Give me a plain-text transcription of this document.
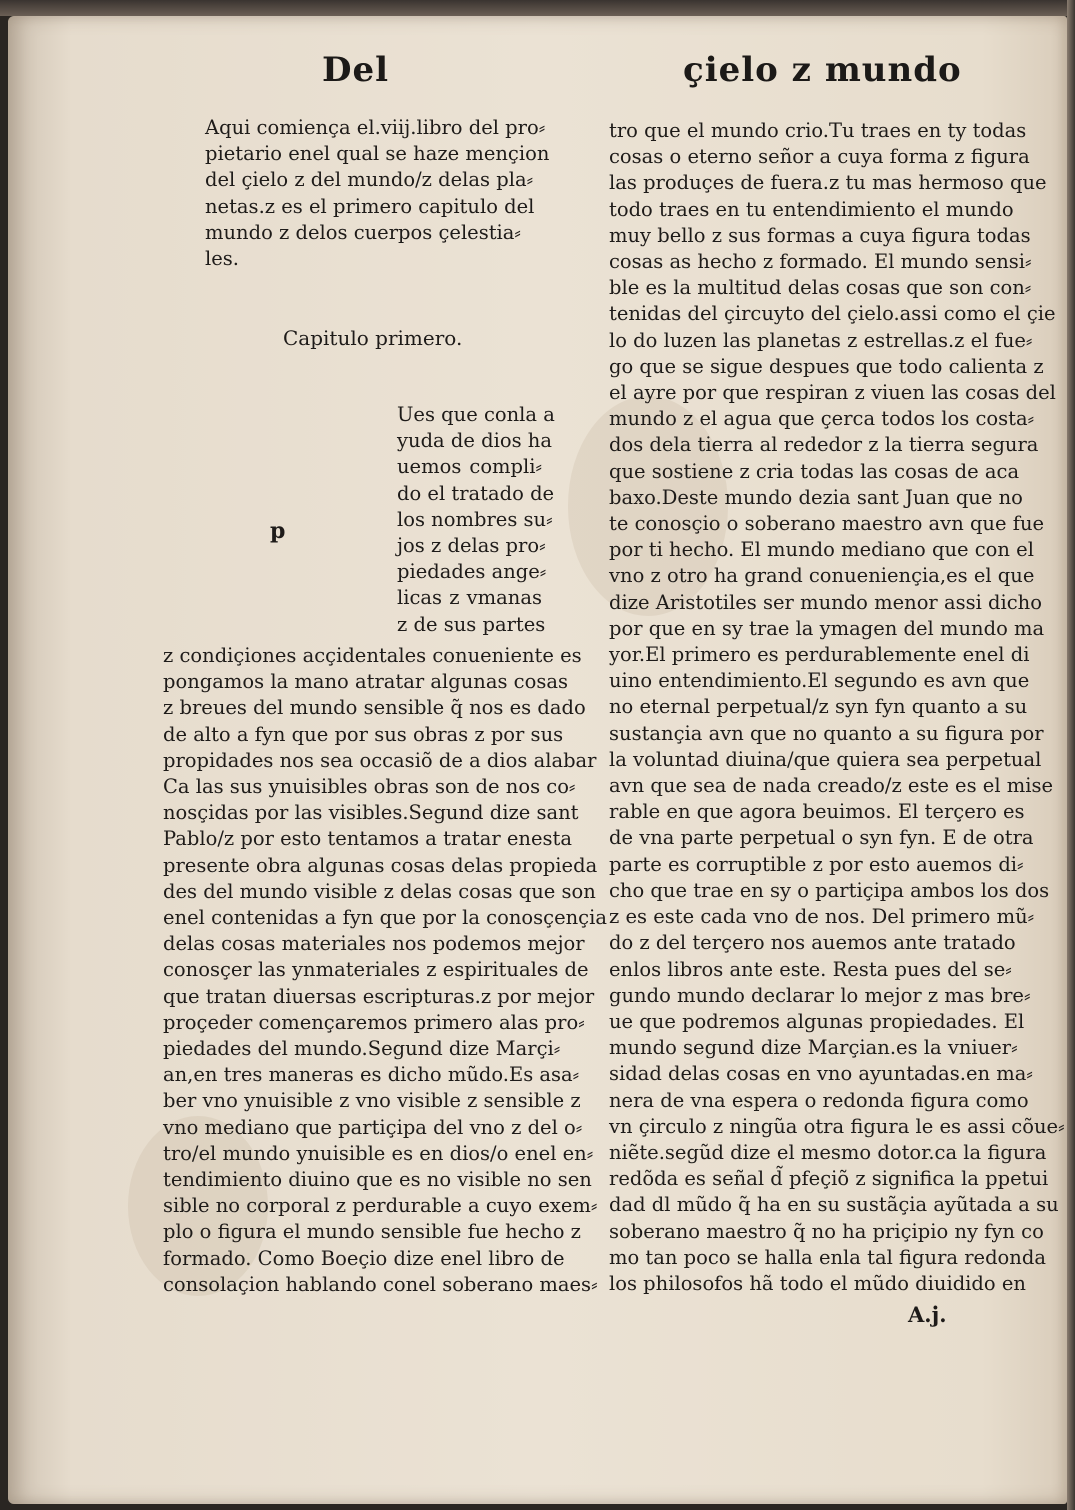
Del	çielo z mundo
Aqui comiença el.viij.libro del pro⸗
pietario enel qual se haze mençion
del çielo z del mundo/z delas pla⸗
netas.z es el primero capitulo del
mundo z delos cuerpos çelestia⸗
les.
Capitulo primero.
p
Ues que conla a
yuda de dios ha
uemos compli⸗
do el tratado de
los nombres su⸗
jos z delas pro⸗
piedades ange⸗
licas z vmanas
z de sus partes
z condiçiones acçidentales conueniente es
pongamos la mano atratar algunas cosas
z breues del mundo sensible q̃ nos es dado
de alto a fyn que por sus obras z por sus
propidades nos sea occasiõ de a dios alabar
Ca las sus ynuisibles obras son de nos co⸗
nosçidas por las visibles.Segund dize sant
Pablo/z por esto tentamos a tratar enesta
presente obra algunas cosas delas propieda
des del mundo visible z delas cosas que son
enel contenidas a fyn que por la conosçençia
delas cosas materiales nos podemos mejor
conosçer las ynmateriales z espirituales de
que tratan diuersas escripturas.z por mejor
proçeder començaremos primero alas pro⸗
piedades del mundo.Segund dize Marçi⸗
an,en tres maneras es dicho mũdo.Es asa⸗
ber vno ynuisible z vno visible z sensible z
vno mediano que partiçipa del vno z del o⸗
tro/el mundo ynuisible es en dios/o enel en⸗
tendimiento diuino que es no visible no sen
sible no corporal z perdurable a cuyo exem⸗
plo o figura el mundo sensible fue hecho z
formado. Como Boeçio dize enel libro de
consolaçion hablando conel soberano maes⸗
tro que el mundo crio.Tu traes en ty todas
cosas o eterno señor a cuya forma z figura
las produçes de fuera.z tu mas hermoso que
todo traes en tu entendimiento el mundo
muy bello z sus formas a cuya figura todas
cosas as hecho z formado. El mundo sensi⸗
ble es la multitud delas cosas que son con⸗
tenidas del çircuyto del çielo.assi como el çie
lo do luzen las planetas z estrellas.z el fue⸗
go que se sigue despues que todo calienta z
el ayre por que respiran z viuen las cosas del
mundo z el agua que çerca todos los costa⸗
dos dela tierra al rededor z la tierra segura
que sostiene z cria todas las cosas de aca
baxo.Deste mundo dezia sant Juan que no
te conosçio o soberano maestro avn que fue
por ti hecho. El mundo mediano que con el
vno z otro ha grand conueniençia,es el que
dize Aristotiles ser mundo menor assi dicho
por que en sy trae la ymagen del mundo ma
yor.El primero es perdurablemente enel di
uino entendimiento.El segundo es avn que
no eternal perpetual/z syn fyn quanto a su
sustançia avn que no quanto a su figura por
la voluntad diuina/que quiera sea perpetual
avn que sea de nada creado/z este es el mise
rable en que agora beuimos. El terçero es
de vna parte perpetual o syn fyn. E de otra
parte es corruptible z por esto auemos di⸗
cho que trae en sy o partiçipa ambos los dos
z es este cada vno de nos. Del primero mũ⸗
do z del terçero nos auemos ante tratado
enlos libros ante este. Resta pues del se⸗
gundo mundo declarar lo mejor z mas bre⸗
ue que podremos algunas propiedades. El
mundo segund dize Marçian.es la vniuer⸗
sidad delas cosas en vno ayuntadas.en ma⸗
nera de vna espera o redonda figura como
vn çirculo z ningũa otra figura le es assi cõue⸗
niẽte.segũd dize el mesmo dotor.ca la figura
redõda es señal d̃ pfeçiõ z significa la ppetui
dad dl mũdo q̃ ha en su sustãçia ayũtada a su
soberano maestro q̃ no ha priçipio ny fyn co
mo tan poco se halla enla tal figura redonda
los philosofos hã todo el mũdo diuidido en
A.j.
